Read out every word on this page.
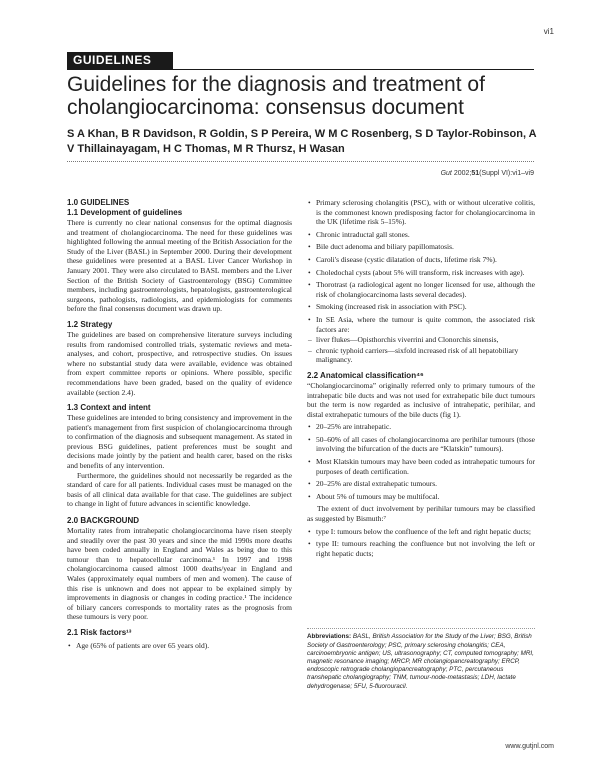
vi1
GUIDELINES
Guidelines for the diagnosis and treatment of cholangiocarcinoma: consensus document
S A Khan, B R Davidson, R Goldin, S P Pereira, W M C Rosenberg, S D Taylor-Robinson, A V Thillainayagam, H C Thomas, M R Thursz, H Wasan
Gut 2002;51(Suppl VI):vi1–vi9
1.0 GUIDELINES
1.1 Development of guidelines

There is currently no clear national consensus for the optimal diagnosis and treatment of cholangiocarcinoma. The need for these guidelines was highlighted following the annual meeting of the British Association for the Study of the Liver (BASL) in September 2000. During their development these guidelines were presented at a BASL Liver Cancer Workshop in January 2001. They were also circulated to BASL members and the Liver Section of the British Society of Gastroenterology (BSG) Committee members, including gastroenterologists, hepatologists, gastroenterological surgeons, pathologists, radiologists, and epidemiologists for comments before the final consensus document was drawn up.

1.2 Strategy

The guidelines are based on comprehensive literature surveys including results from randomised controlled trials, systematic reviews and meta-analyses, and cohort, prospective, and retrospective studies. On issues where no substantial study data were available, evidence was obtained from expert committee reports or opinions. Where possible, specific recommendations have been graded, based on the quality of evidence available (section 2.4).

1.3 Context and intent

These guidelines are intended to bring consistency and improvement in the patient's management from first suspicion of cholangiocarcinoma through to confirmation of the diagnosis and subsequent management. As stated in previous BSG guidelines, patient preferences must be sought and decisions made jointly by the patient and health carer, based on the risks and benefits of any intervention.

Furthermore, the guidelines should not necessarily be regarded as the standard of care for all patients. Individual cases must be managed on the basis of all clinical data available for that case. The guidelines are subject to change in light of future advances in scientific knowledge.

2.0 BACKGROUND

Mortality rates from intrahepatic cholangiocarcinoma have risen steeply and steadily over the past 30 years and since the mid 1990s more deaths have been coded annually in England and Wales as being due to this tumour than to hepatocellular carcinoma.¹ In 1997 and 1998 cholangiocarcinoma caused almost 1000 deaths/year in England and Wales (approximately equal numbers of men and women). The cause of this rise is unknown and does not appear to be explained simply by improvements in diagnosis or changes in coding practice.¹ The incidence of biliary cancers corresponds to mortality rates as the prognosis from these tumours is very poor.

2.1 Risk factors¹³
• Age (65% of patients are over 65 years old).
• Primary sclerosing cholangitis (PSC), with or without ulcerative colitis, is the commonest known predisposing factor for cholangiocarcinoma in the UK (lifetime risk 5–15%).
• Chronic intraductal gall stones.
• Bile duct adenoma and biliary papillomatosis.
• Caroli's disease (cystic dilatation of ducts, lifetime risk 7%).
• Choledochal cysts (about 5% will transform, risk increases with age).
• Thorotrast (a radiological agent no longer licensed for use, although the risk of cholangiocarcinoma lasts several decades).
• Smoking (increased risk in association with PSC).
• In SE Asia, where the tumour is quite common, the associated risk factors are:
– liver flukes—Opisthorchis viverrini and Clonorchis sinensis,
– chronic typhoid carriers—sixfold increased risk of all hepatobiliary malignancy.
2.2 Anatomical classification⁴⁶

“Cholangiocarcinoma” originally referred only to primary tumours of the intrahepatic bile ducts and was not used for extrahepatic bile duct tumours but the term is now regarded as inclusive of intrahepatic, perihilar, and distal extrahepatic tumours of the bile ducts (fig 1).

• 20–25% are intrahepatic.
• 50–60% of all cases of cholangiocarcinoma are perihilar tumours (those involving the bifurcation of the ducts are “Klatskin” tumours).
• Most Klatskin tumours may have been coded as intrahepatic tumours for purposes of death certification.
• 20–25% are distal extrahepatic tumours.
• About 5% of tumours may be multifocal.

The extent of duct involvement by perihilar tumours may be classified as suggested by Bismuth:⁷

• type I: tumours below the confluence of the left and right hepatic ducts;
• type II: tumours reaching the confluence but not involving the left or right hepatic ducts;
Abbreviations: BASL, British Association for the Study of the Liver; BSG, British Society of Gastroenterology; PSC, primary sclerosing cholangitis; CEA, carcinoembryonic antigen; US, ultrasonography; CT, computed tomography; MRI, magnetic resonance imaging; MRCP, MR cholangiopancreatography; ERCP, endoscopic retrograde cholangiopancreatography; PTC, percutaneous transhepatic cholangiography; TNM, tumour-node-metastasis; LDH, lactate dehydrogenase; 5FU, 5-fluorouracil.
www.gutjnl.com
